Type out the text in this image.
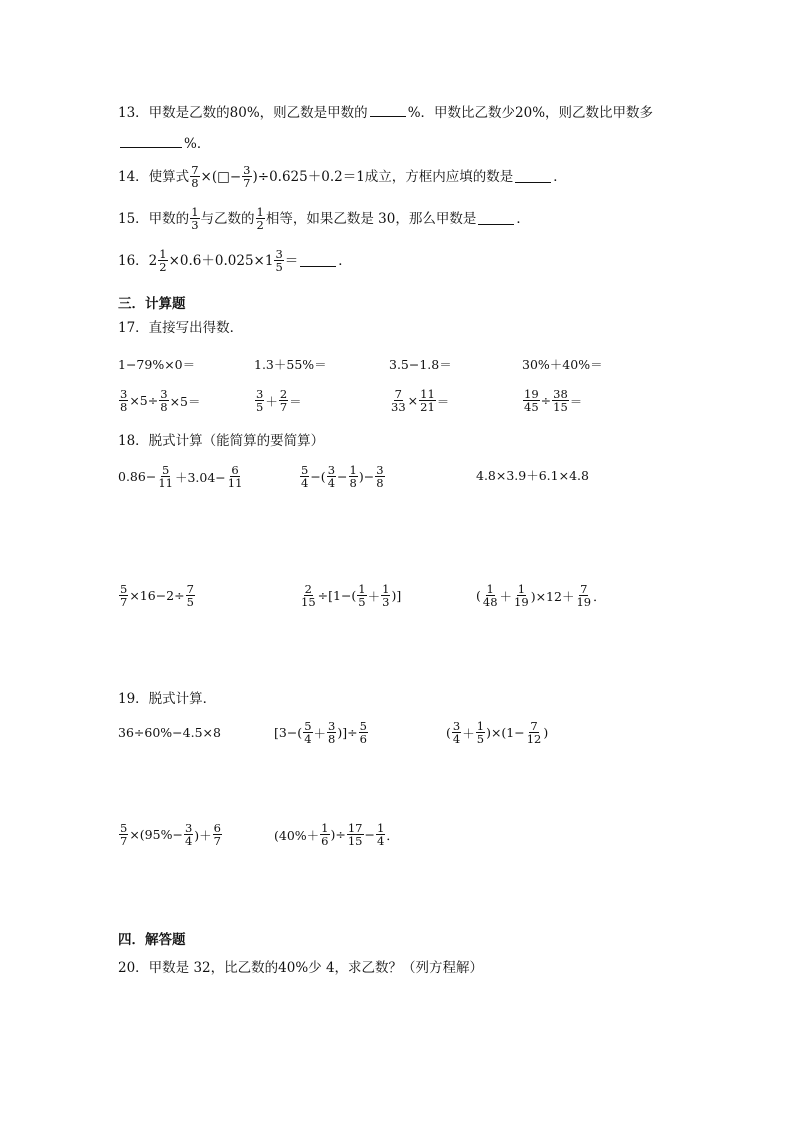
13．甲数是乙数的80%，则乙数是甲数的	%．甲数比乙数少20%，则乙数比甲数多
%．
14．使算式 $\frac{7}{8}$ ×(□− $\frac{3}{7} )\div 0.625+0.2=1$成立，方框内应填的数是	．
15．甲数的 $\frac{1}{3}$ 与乙数的 $\frac{1}{2}$ 相等，如果乙数是 30，那么甲数是	．
16．$2 \frac{1}{2} \times 0.6+0.025\times 1 \frac{3}{5}$ ＝	．
三．计算题
17．直接写出得数．
1−79%×0＝	1.3＋55%＝	3.5−1.8＝	30%＋40%＝
$\frac{3}{8} \times 5\div \frac{3}{8} \times 5=$	$\frac{3}{5} + \frac{2}{7}$ ＝	$\frac{7}{33} \times \frac{11}{21}$ ＝	$\frac{19}{45} \div \frac{38}{15}$ ＝
18．脱式计算（能简算的要简算）
$0.86- \frac{5}{11} +3.04- \frac{6}{11}$	$\frac{5}{4}$ −( $\frac{3}{4} - \frac{1}{8}$ )− $\frac{3}{8}$	4.8×3.9＋6.1×4.8
$\frac{5}{7} \times 16-2\div \frac{7}{5}$	$\frac{2}{15} \div[1-( \frac{1}{5} + \frac{1}{3}$ )]	( $\frac{1}{48} + \frac{1}{19} )\times 12+ \frac{7}{19}$ ．
19．脱式计算．
36÷60%−4.5×8	[$3-( \frac{5}{4} + \frac{3}{8}$ )]÷ $\frac{5}{6}$	( $\frac{3}{4} + \frac{1}{5} )\times(1- \frac{7}{12}$ )
$\frac{5}{7} \times(95\%- \frac{3}{4}$ )＋ $\frac{6}{7}$	($40\%+ \frac{1}{6}$ )÷ $\frac{17}{15} - \frac{1}{4}$ ．
四．解答题
20．甲数是 32，比乙数的40%少 4，求乙数？（列方程解）
